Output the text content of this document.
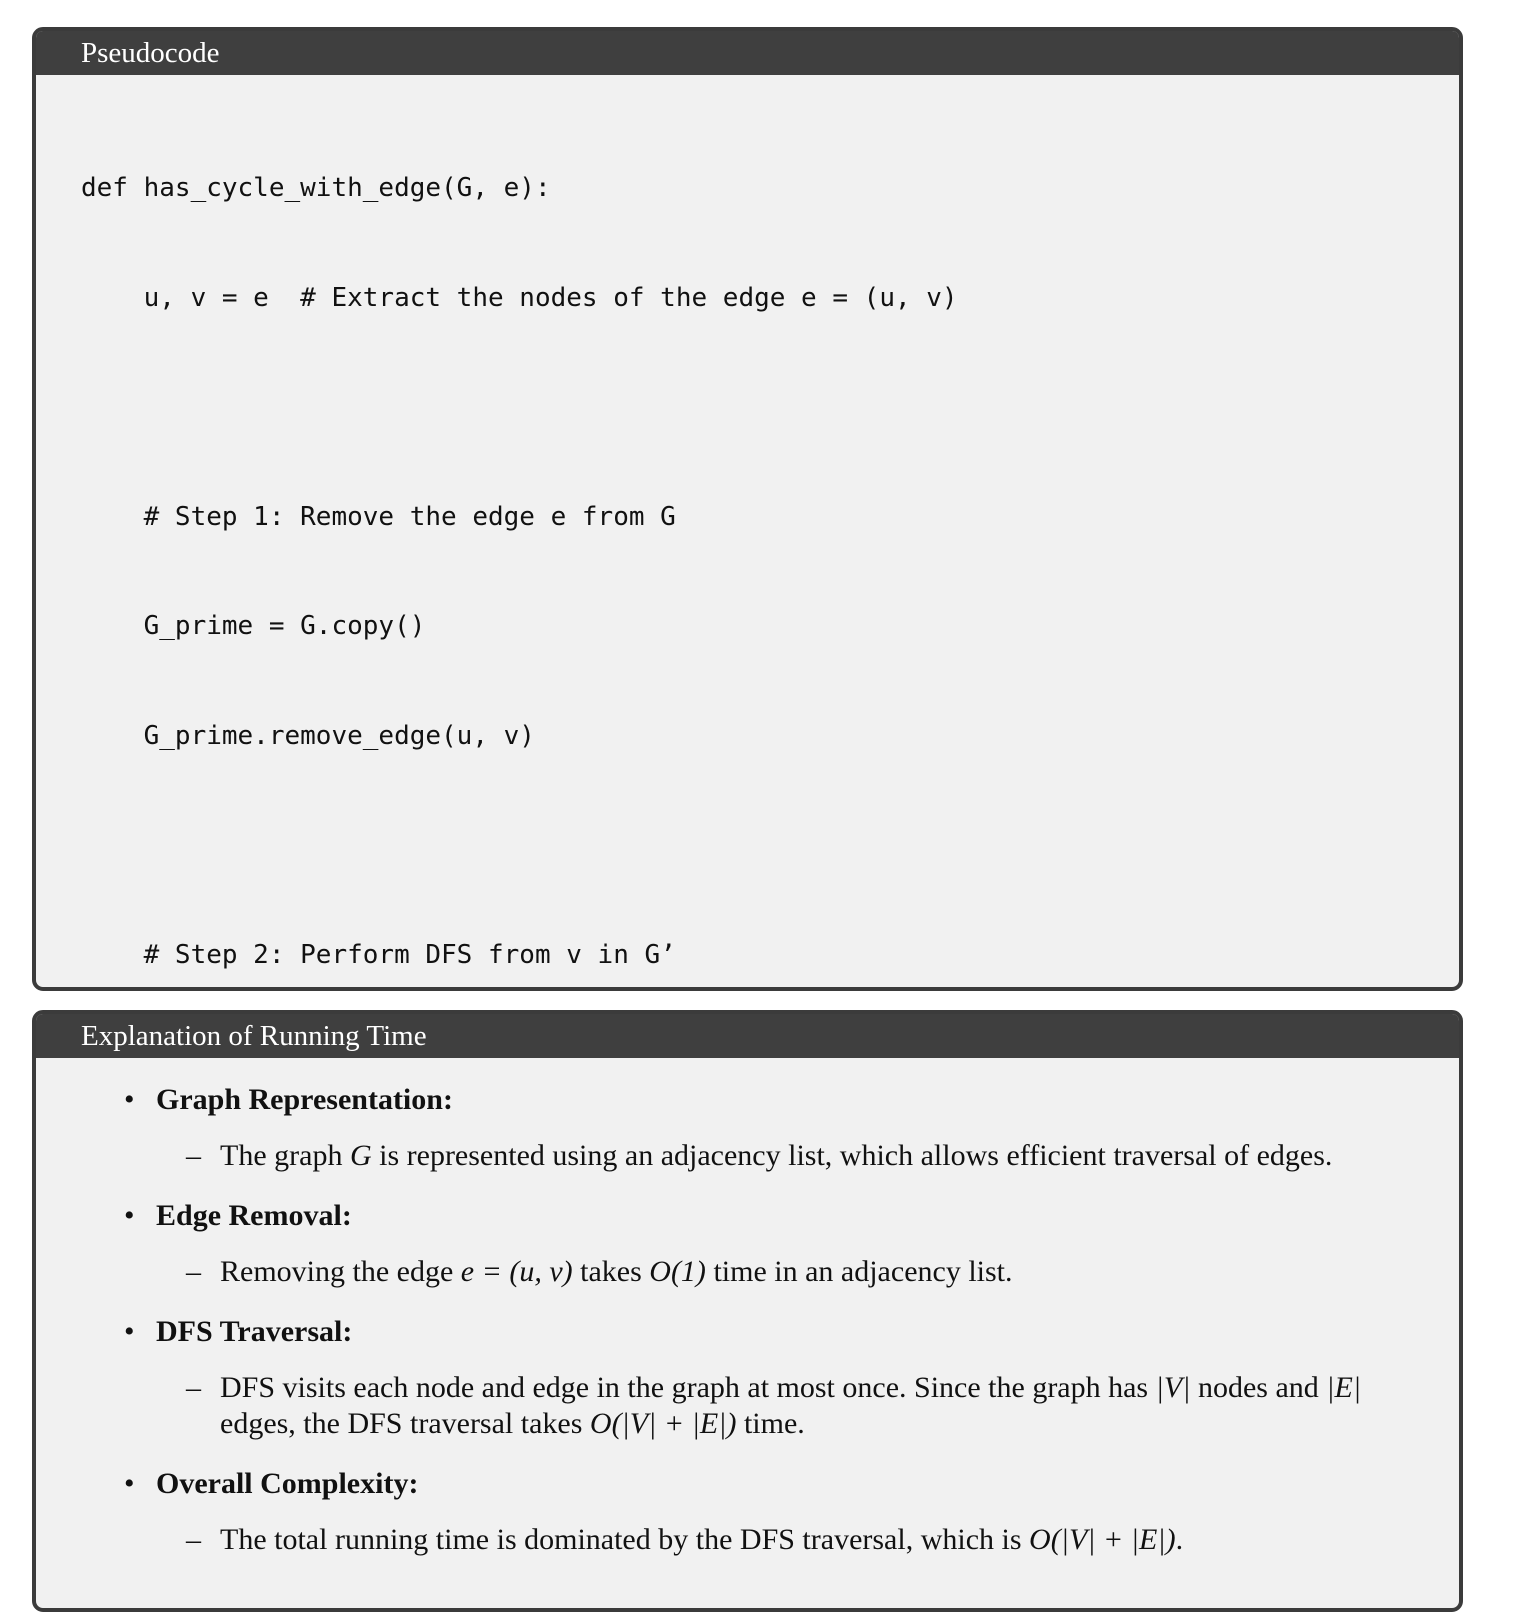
Pseudocode

def has_cycle_with_edge(G, e):

u, v = e  # Extract the nodes of the edge e = (u, v)

# Step 1: Remove the edge e from G

G_prime = G.copy()

G_prime.remove_edge(u, v)

# Step 2: Perform DFS from v in G’

Explanation of Running Time
• Graph Representation:
– The graph G is represented using an adjacency list, which allows efficient traversal of edges.
• Edge Removal:
– Removing the edge e = (u, v) takes O(1) time in an adjacency list.
• DFS Traversal:
– DFS visits each node and edge in the graph at most once. Since the graph has |V| nodes and |E| edges, the DFS traversal takes O(|V| + |E|) time.
• Overall Complexity:
– The total running time is dominated by the DFS traversal, which is O(|V| + |E|).
